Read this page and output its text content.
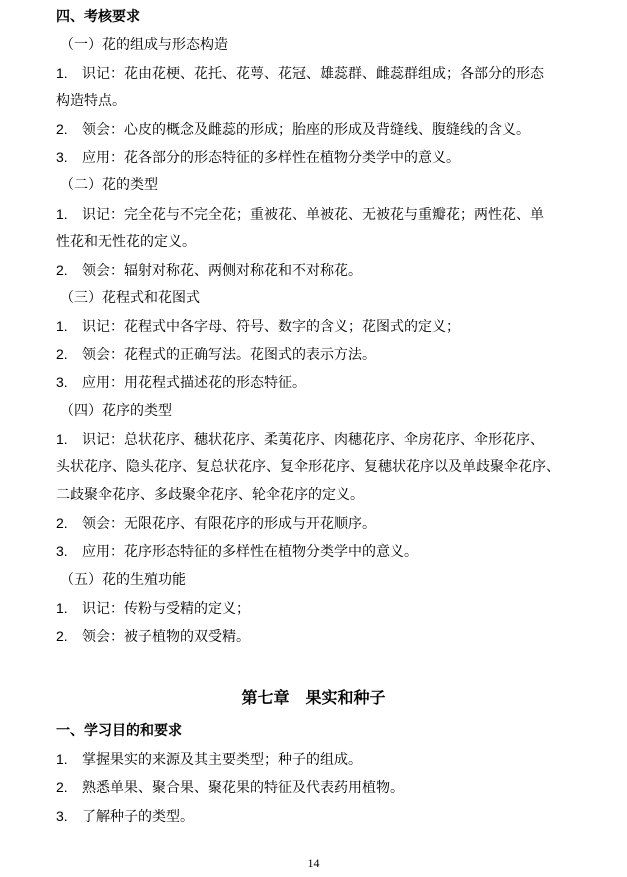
四、考核要求
（一）花的组成与形态构造
1. 识记：花由花梗、花托、花萼、花冠、雄蕊群、雌蕊群组成；各部分的形态
构造特点。
2. 领会：心皮的概念及雌蕊的形成；胎座的形成及背缝线、腹缝线的含义。
3. 应用：花各部分的形态特征的多样性在植物分类学中的意义。
（二）花的类型
1. 识记：完全花与不完全花；重被花、单被花、无被花与重瓣花；两性花、单
性花和无性花的定义。
2. 领会：辐射对称花、两侧对称花和不对称花。
（三）花程式和花图式
1. 识记：花程式中各字母、符号、数字的含义；花图式的定义；
2. 领会：花程式的正确写法。花图式的表示方法。
3. 应用：用花程式描述花的形态特征。
（四）花序的类型
1. 识记：总状花序、穗状花序、柔荑花序、肉穗花序、伞房花序、伞形花序、
头状花序、隐头花序、复总状花序、复伞形花序、复穗状花序以及单歧聚伞花序、
二歧聚伞花序、多歧聚伞花序、轮伞花序的定义。
2. 领会：无限花序、有限花序的形成与开花顺序。
3. 应用：花序形态特征的多样性在植物分类学中的意义。
（五）花的生殖功能
1. 识记：传粉与受精的定义；
2. 领会：被子植物的双受精。
第七章　果实和种子
一、学习目的和要求
1. 掌握果实的来源及其主要类型；种子的组成。
2. 熟悉单果、聚合果、聚花果的特征及代表药用植物。
3. 了解种子的类型。
14
